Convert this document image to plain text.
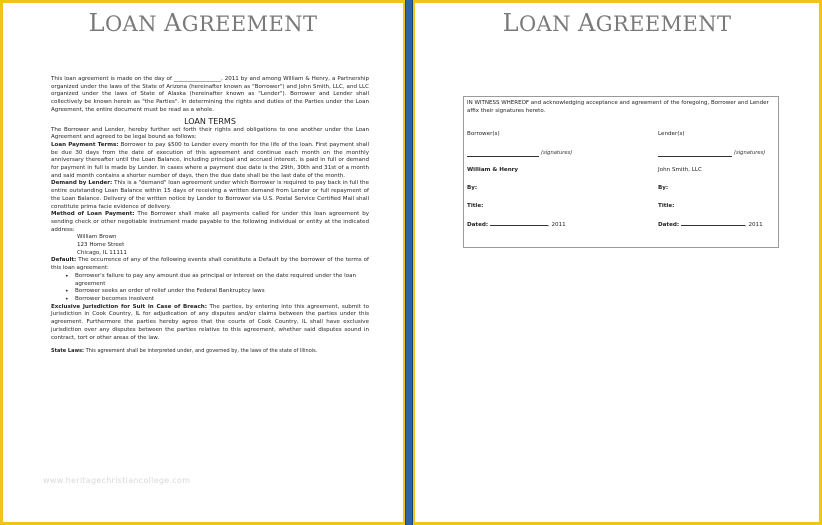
LOAN AGREEMENT

This loan agreement is made on the day of _________________, 2011 by and among William & Henry, a Partnership organized under the laws of the State of Arizona (hereinafter known as "Borrower") and John Smith, LLC, and LLC organized under the laws of State of Alaska (hereinafter known as "Lender"). Borrower and Lender shall collectively be known herein as "the Parties". In determining the rights and duties of the Parties under the Loan Agreement, the entire document must be read as a whole.

LOAN TERMS

The Borrower and Lender, hereby further set forth their rights and obligations to one another under the Loan Agreement and agreed to be legal bound as follows:

Loan Payment Terms: Borrower to pay $500 to Lender every month for the life of the loan. First payment shall be due 30 days from the date of execution of this agreement and continue each month on the monthly anniversary thereafter until the Loan Balance, including principal and accrued interest, is paid in full or demand for payment in full is made by Lender. In cases where a payment due date is the 29th, 30th and 31st of a month and said month contains a shorter number of days, then the due date shall be the last date of the month.

Demand by Lender: This is a "demand" loan agreement under which Borrower is required to pay back in full the entire outstanding Loan Balance within 15 days of receiving a written demand from Lender or full repayment of the Loan Balance. Delivery of the written notice by Lender to Borrower via U.S. Postal Service Certified Mail shall constitute prima facie evidence of delivery.

Method of Loan Payment: The Borrower shall make all payments called for under this loan agreement by sending check or other negotiable instrument made payable to the following individual or entity at the indicated address:

William Brown
123 Home Street
Chicago, IL 11111

Default: The occurrence of any of the following events shall constitute a Default by the borrower of the terms of this loan agreement:

• Borrower's failure to pay any amount due as principal or interest on the date required under the loan agreement
• Borrower seeks an order of relief under the Federal Bankruptcy laws
• Borrower becomes insolvent

Exclusive Jurisdiction for Suit in Case of Breach: The parties, by entering into this agreement, submit to Jurisdiction in Cook Country, IL for adjudication of any disputes and/or claims between the parties under this agreement. Furthermore the parties hereby agree that the courts of Cook Country, IL shall have exclusive jurisdiction over any disputes between the parties relative to this agreement, whether said disputes sound in contract, tort or other areas of the law.

State Laws: This agreement shall be interpreted under, and governed by, the laws of the state of Illinois.

www.heritagechristiancollege.com
LOAN AGREEMENT
IN WITNESS WHEREOF and acknowledging acceptance and agreement of the foregoing, Borrower and Lender affix their signatures hereto.
Borrower(s)	Lender(s)
(signatures)	(signatures)
William & Henry	John Smith, LLC
By:	By:
Title:	Title:
Dated:	, 2011	Dated:	, 2011
